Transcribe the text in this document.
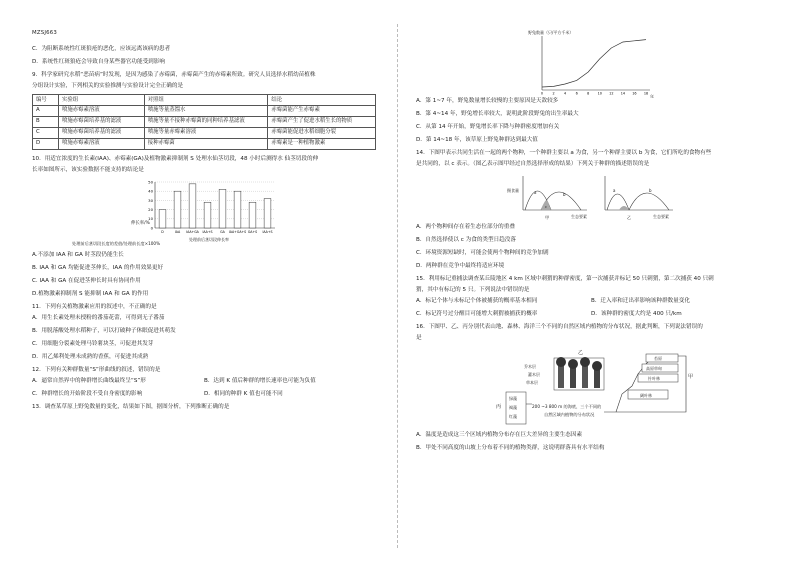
MZSJ663

C．为阻断系统性红斑狼疮的恶化，应该远离该病的患者

D．系统性红斑狼疮会导致自身某些器官功能受到影响

9．科学家研究水稻“恶苗病”时发现，是因为感染了赤霉菌，赤霉菌产生的赤霉素所致。研究人员选择水稻幼苗植株

分组设计实验，下列相关的实验推测与实验设计完全正确的是

编号	实验组	对照组	结论
A	喷施赤霉素溶液	喷施等量蒸馏水	赤霉菌能产生赤霉素
B	喷施赤霉菌培养基的滤液	喷施等量不接种赤霉菌的同种培养基滤液	赤霉菌产生了促进水稻生长的物质
C	喷施赤霉菌培养基的滤液	喷施等量赤霉素溶液	赤霉菌能促进水稻细胞分裂
D	喷施赤霉素溶液	接种赤霉菌	赤霉素是一种植物激素

10．用适宜浓度的生长素(IAA)、赤霉素(GA)及植物激素抑制剂 S 处理水仙茎切段，48 小时后测得水 仙茎切段的伸

长率如图所示，该实验数据不能支持的结论是

伸长率/%
0
10
20
30
40
50
D	IAA IAA+GA IAA+S GA IAA+GA+S GA+S IAA+S
处理前后茎切段伸长率
处理前后茎切段长度的差值/处理前长度×100%

A.不添加 IAA 和 GA 时茎段仍能生长

B. IAA 和 GA 均能促进茎伸长，IAA 的作用效果更好

C. IAA 和 GA 在促进茎伸长时具有协同作用

D.植物激素抑制剂 S 能抑制 IAA 和 GA 的作用

11．下列有关植物激素应用的叙述中，不正确的是

A．用生长素处理未授粉的番茄花蕾，可得到无子番茄

B．用脱落酸处理水稻种子，可以打破种子休眠促进其萌发

C．用细胞分裂素处理马铃薯块茎，可促进其发芽

D．用乙烯利处理未成熟的香蕉，可促进其成熟

12．下列有关种群数量“S”形曲线的叙述，错误的是

A．逼常自然界中的种群增长曲线最终呈“S”形	B．达到 K 值后种群的增长速率也可能为负值
C．种群增长的开始阶段不受自身密度的影响	D．相同的种群 K 值也可能不同

13．调查某草原上野兔数量的变化，结果如下图，据图分析，下列推断正确的是

野兔数量（只/平方千米）
0	2	4	6	8 10 12 14 16 18
年

A．第 1~7 年，野兔数量增长较慢的主要原因是天敌较多

B．第 4~14 年，野兔增长率较大，说明此阶段野兔的出生率最大

C．从第 14 年开始，野兔增长率下降与种群密度增加有关

D．第 14~18 年，该草原上野兔种群达到最大值

14．下图甲表示共同生活在一起的两个物种，一个种群主要以 a 为食，另一个种群主要以 b 为食，它们所吃的食物有些

是共同的，以 c 表示。（图乙表示图甲经过自然选择形成的结果）下列关于种群的描述错误的是

摄食量	a	b
c
甲	生态要素
a	b
乙	生态要素

A．两个物种间存在着生态位部分的重叠

B．自然选择使以 c 为食的类型日趋没落

C．环境资源短缺时，可能会使两个物种间的竞争加剧

D．两种群在竞争中最终将适应环境

15．利用标记重捕法调查某丘陵地区 4 km 区域中刺猬的种群密度，第一次捕获并标记 50 只刺猬，第二次捕获 40 只刺

猬，其中有标记的 5 只。下列说法中错误的是

A．标记个体与未标记个体被捕获的概率基本相同	B．迁入率和迁出率影响该种群数量变化
C．标记符号过分醒目可能增大刺猬被捕获的概率	D．该种群的密度大约是 400 只/km

16．下图甲、乙、丙分别代表山地、森林、海洋三个不同的自然区域内植物的分布状况，据此判断，下列说法错误的

是

乙
乔木层
灌木层
草本层
苔原
高原草甸
针叶林
阔叶林
甲
绿藻
褐藻
红藻
丙	200 ~3 800 m 的海底，三个不同的
自然区域内植物的分布状况

A．温度是造成这三个区域内植物分布存在巨大差异的主要生态因素

B．甲处不同高度的山坡上分布着不同的植物类群，这说明群落具有水平结构
